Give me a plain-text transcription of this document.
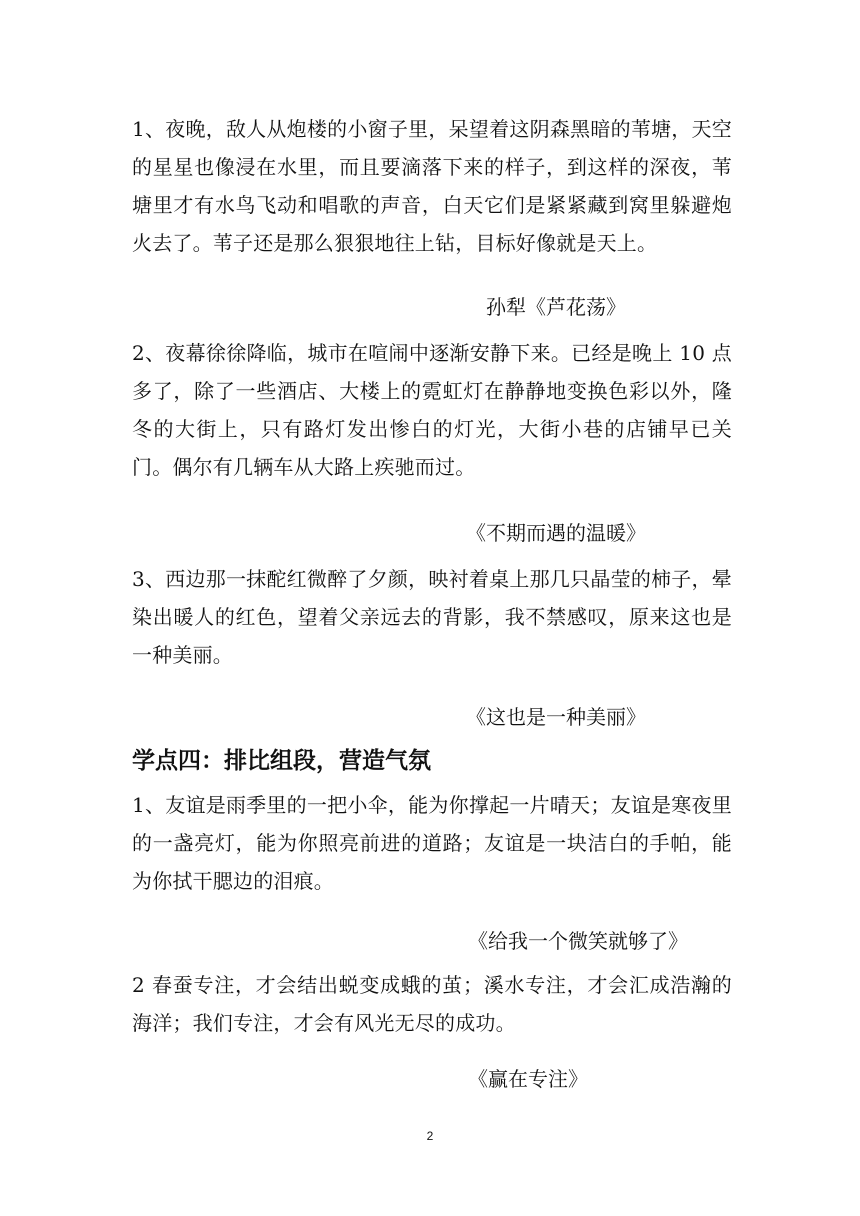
1、夜晚，敌人从炮楼的小窗子里，呆望着这阴森黑暗的苇塘，天空的星星也像浸在水里，而且要滴落下来的样子，到这样的深夜，苇塘里才有水鸟飞动和唱歌的声音，白天它们是紧紧藏到窝里躲避炮火去了。苇子还是那么狠狠地往上钻，目标好像就是天上。

孙犁《芦花荡》

2、夜幕徐徐降临，城市在喧闹中逐渐安静下来。已经是晚上 10 点多了，除了一些酒店、大楼上的霓虹灯在静静地变换色彩以外，隆冬的大街上，只有路灯发出惨白的灯光，大街小巷的店铺早已关门。偶尔有几辆车从大路上疾驰而过。

《不期而遇的温暖》

3、西边那一抹酡红微醉了夕颜，映衬着桌上那几只晶莹的柿子，晕染出暖人的红色，望着父亲远去的背影，我不禁感叹，原来这也是一种美丽。

《这也是一种美丽》

学点四：排比组段，营造气氛

1、友谊是雨季里的一把小伞，能为你撑起一片晴天；友谊是寒夜里的一盏亮灯，能为你照亮前进的道路；友谊是一块洁白的手帕，能为你拭干腮边的泪痕。

《给我一个微笑就够了》

2 春蚕专注，才会结出蜕变成蛾的茧；溪水专注，才会汇成浩瀚的海洋；我们专注，才会有风光无尽的成功。

《赢在专注》

2
